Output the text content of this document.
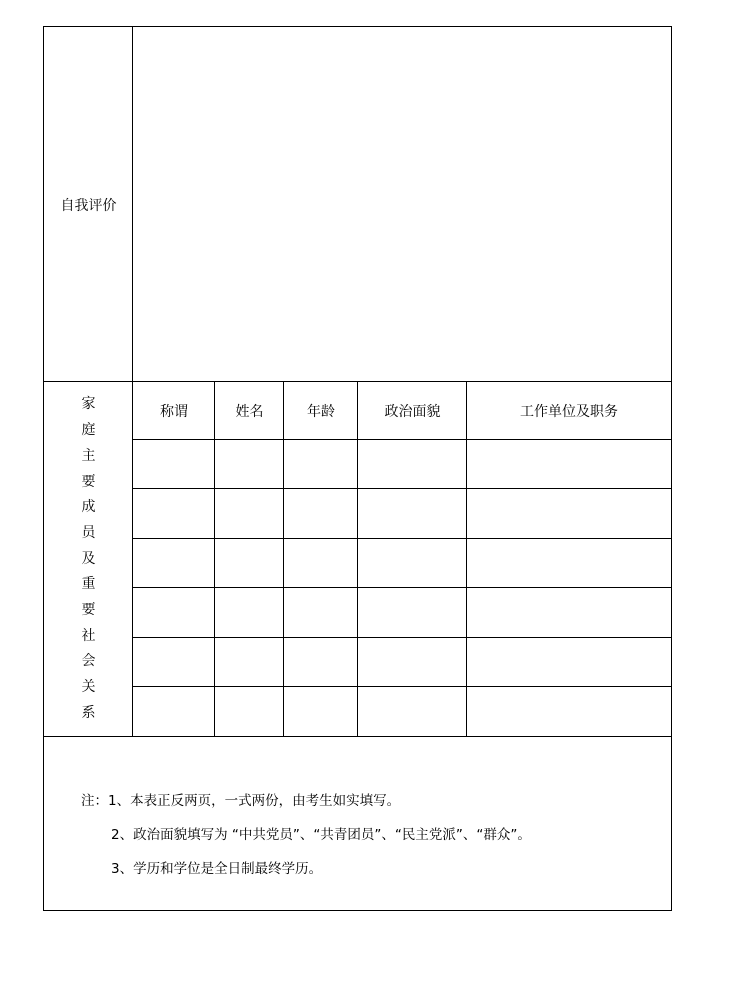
自我评价
家
庭
主
要
成
员
及
重
要
社
会
关
系
称谓	姓名	年龄	政治面貌	工作单位及职务
注：1、本表正反两页，一式两份，由考生如实填写。
2、政治面貌填写为 “中共党员”、“共青团员”、“民主党派”、“群众”。
3、学历和学位是全日制最终学历。
